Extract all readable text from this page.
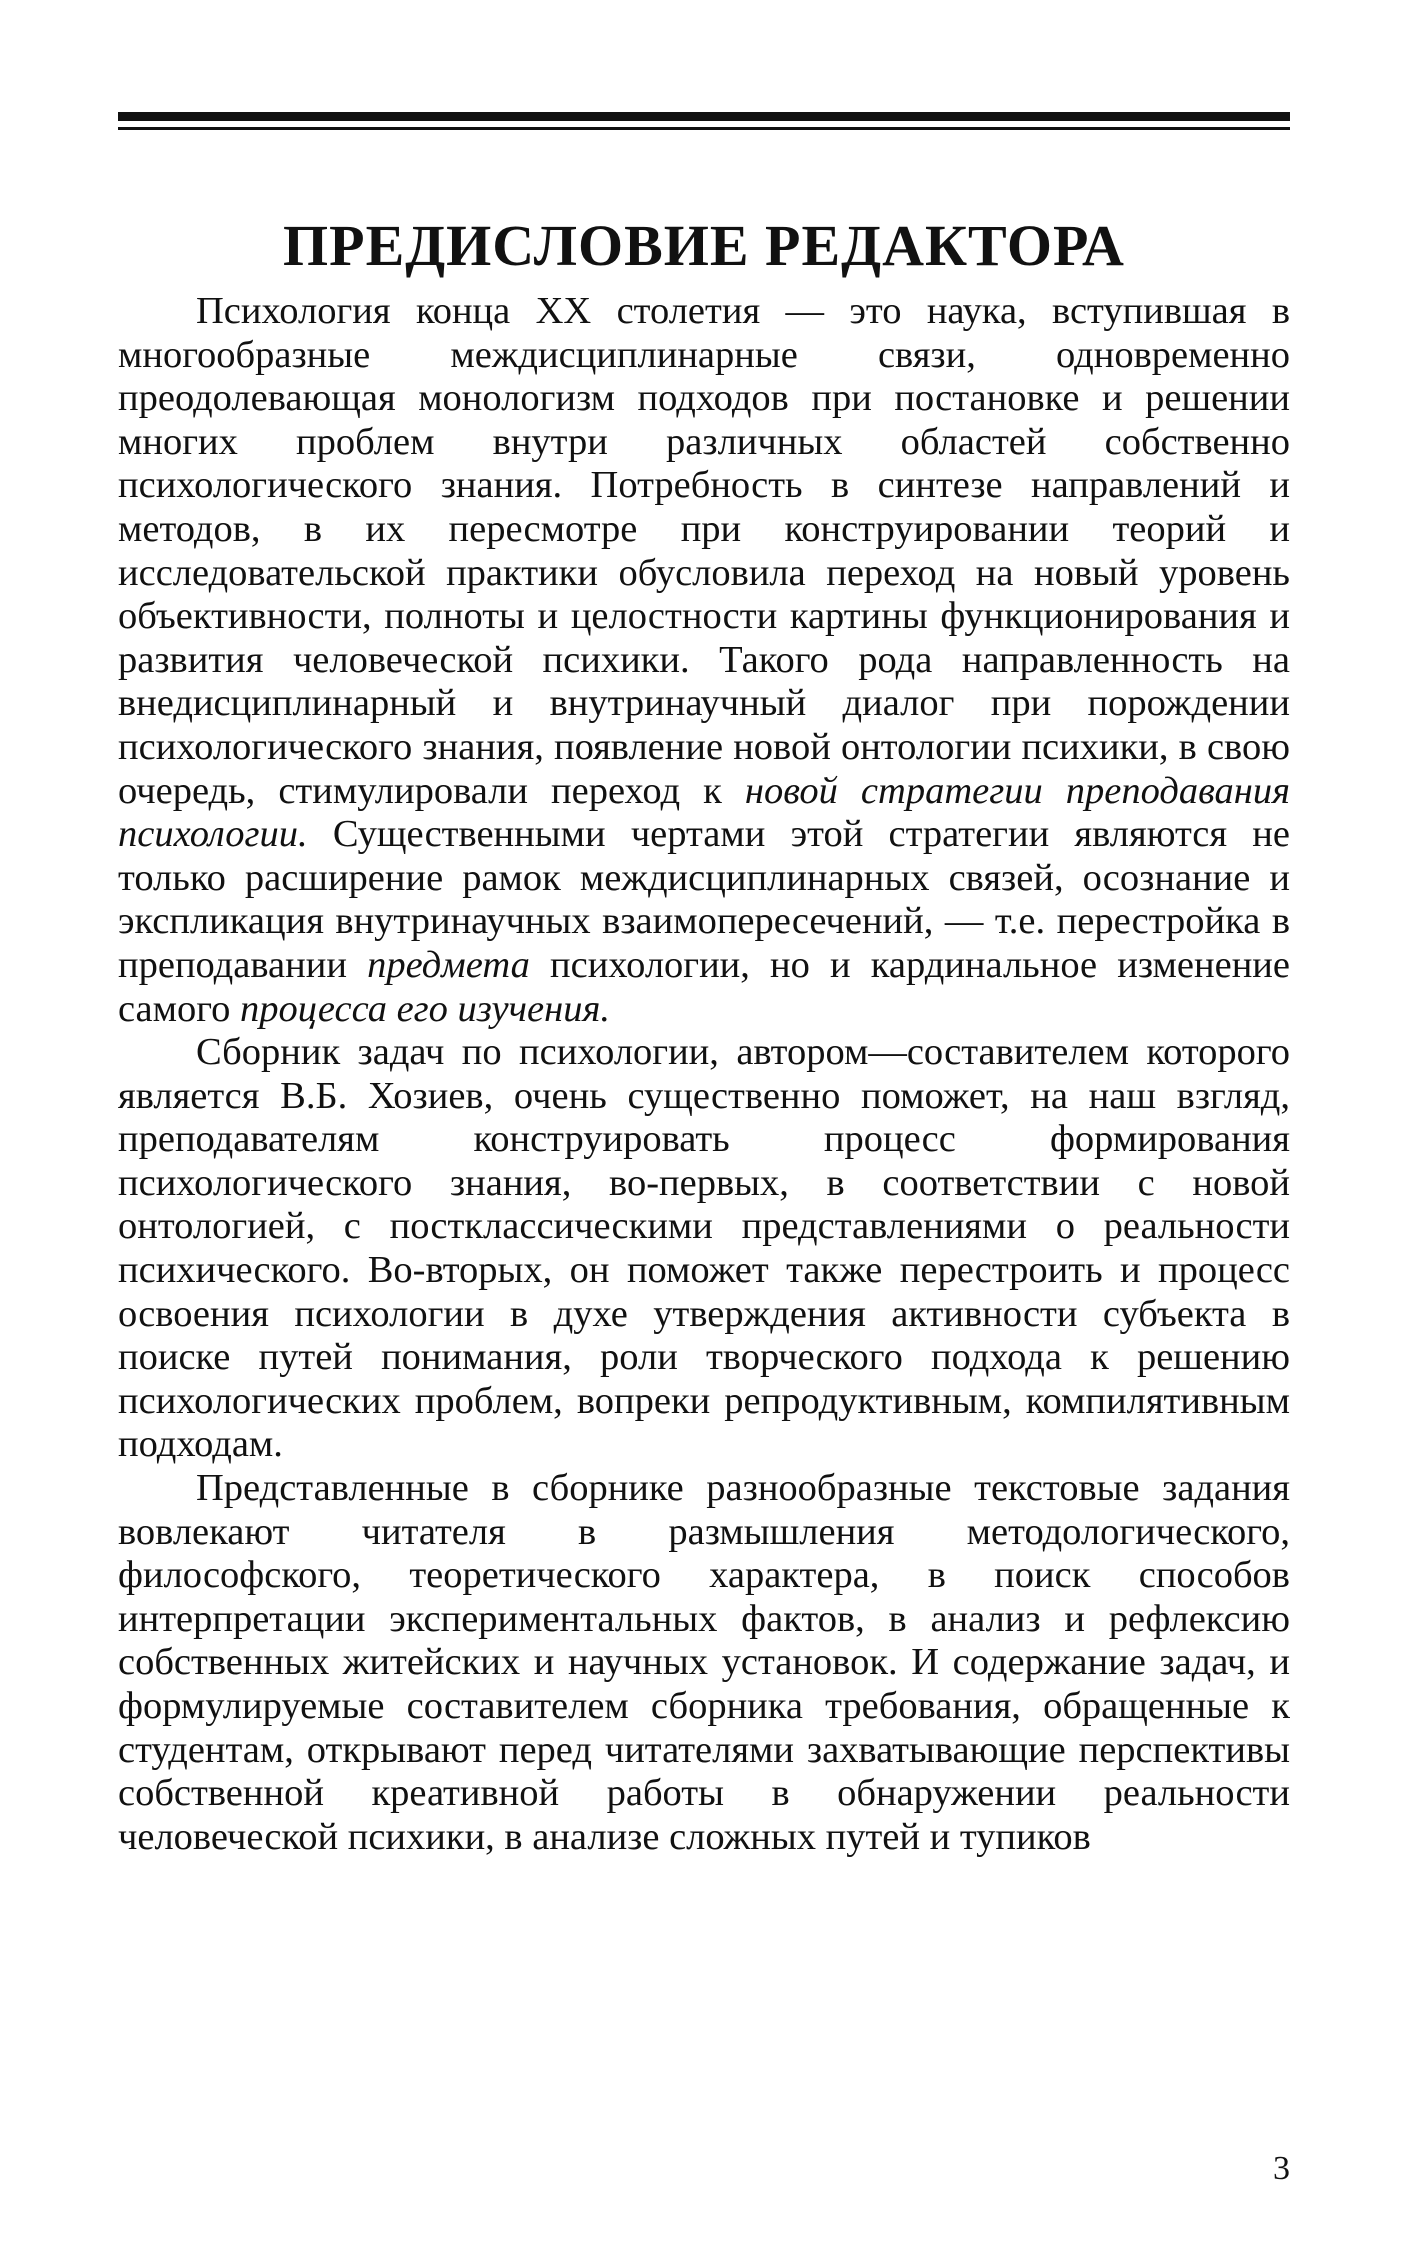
ПРЕДИСЛОВИЕ РЕДАКТОРА

Психология конца XX столетия — это наука, вступившая в многообразные междисциплинарные связи, одновременно преодолевающая монологизм подходов при постановке и решении многих проблем внутри различных областей собственно психологического знания. Потребность в синтезе направлений и методов, в их пересмотре при конструировании теорий и исследовательской практики обусловила переход на новый уровень объективности, полноты и целостности картины функционирования и развития человеческой психики. Такого рода направленность на внедисциплинарный и внутринаучный диалог при порождении психологического знания, появление новой онтологии психики, в свою очередь, стимулировали переход к новой стратегии преподавания психологии. Существенными чертами этой стратегии являются не только расширение рамок междисциплинарных связей, осознание и экспликация внутринаучных взаимопересечений, — т.е. перестройка в преподавании предмета психологии, но и кардинальное изменение самого процесса его изучения.

Сборник задач по психологии, автором—составителем которого является В.Б. Хозиев, очень существенно поможет, на наш взгляд, преподавателям конструировать процесс формирования психологического знания, во-первых, в соответствии с новой онтологией, с постклассическими представлениями о реальности психического. Во-вторых, он поможет также перестроить и процесс освоения психологии в духе утверждения активности субъекта в поиске путей понимания, роли творческого подхода к решению психологических проблем, вопреки репродуктивным, компилятивным подходам.

Представленные в сборнике разнообразные текстовые задания вовлекают читателя в размышления методологического, философского, теоретического характера, в поиск способов интерпретации экспериментальных фактов, в анализ и рефлексию собственных житейских и научных установок. И содержание задач, и формулируемые составителем сборника требования, обращенные к студентам, открывают перед читателями захватывающие перспективы собственной креативной работы в обнаружении реальности человеческой психики, в анализе сложных путей и тупиков

3
